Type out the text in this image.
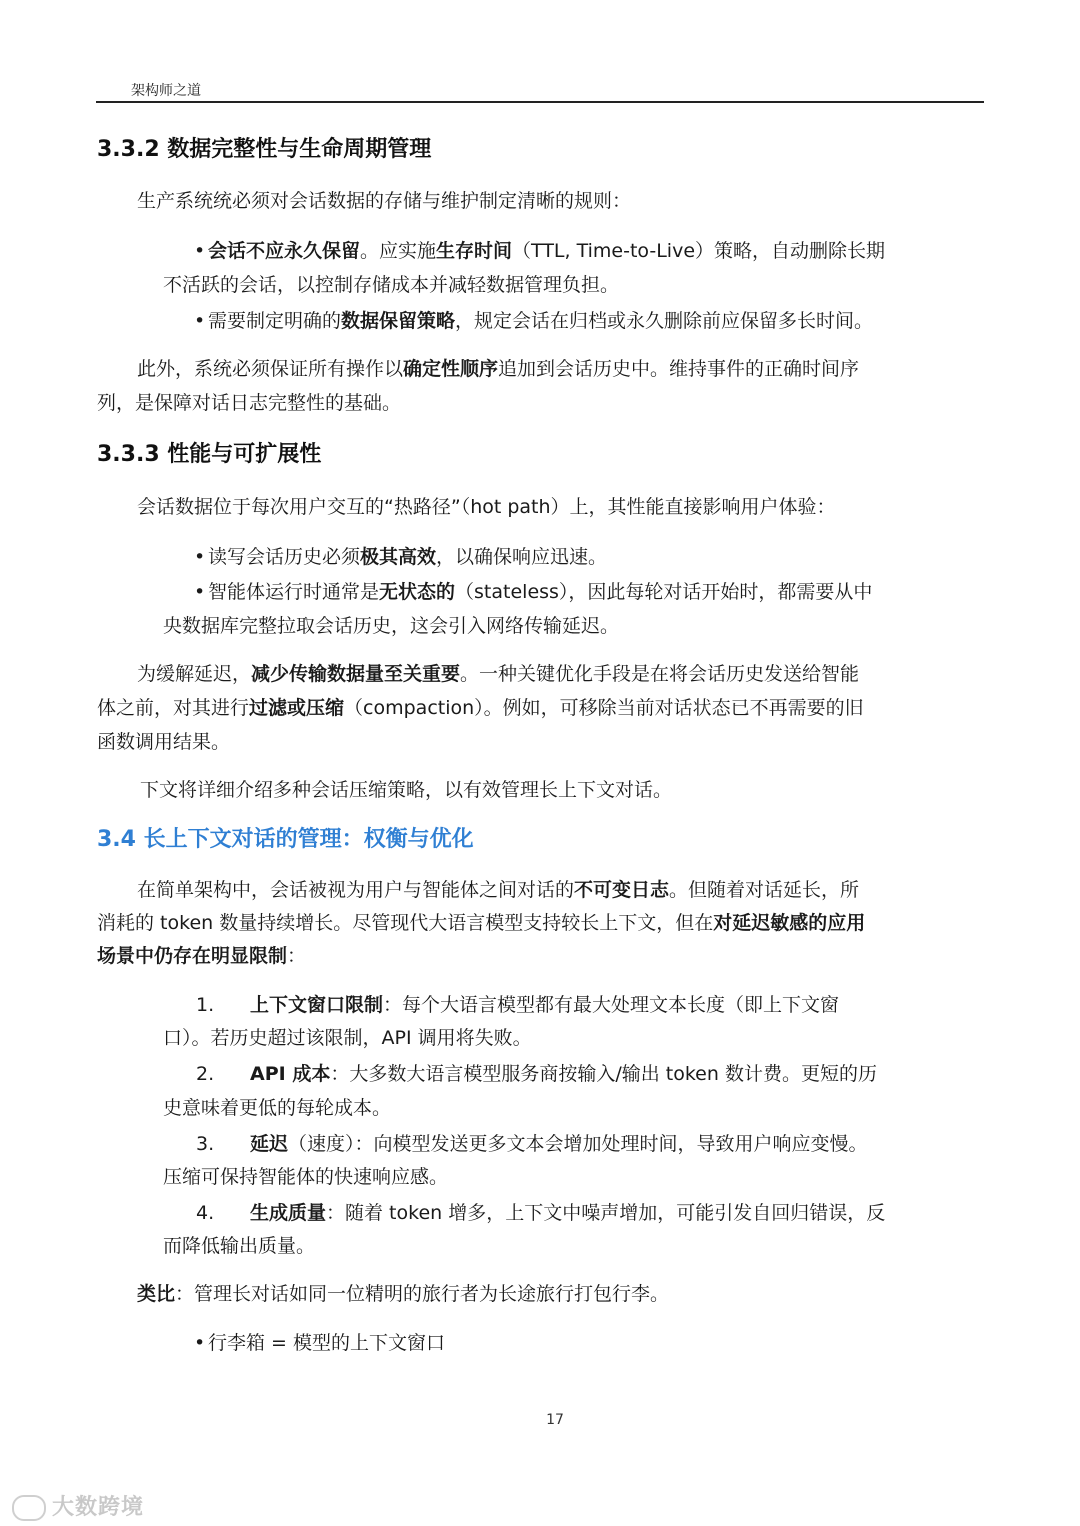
架构师之道
3.3.2 数据完整性与生命周期管理
生产系统统必须对会话数据的存储与维护制定清晰的规则：
• 会话不应永久保留。应实施生存时间（TTL, Time-to-Live）策略，自动删除长期
不活跃的会话，以控制存储成本并减轻数据管理负担。
• 需要制定明确的数据保留策略，规定会话在归档或永久删除前应保留多长时间。
此外，系统必须保证所有操作以确定性顺序追加到会话历史中。维持事件的正确时间序
列，是保障对话日志完整性的基础。
3.3.3 性能与可扩展性
会话数据位于每次用户交互的“热路径”（hot path）上，其性能直接影响用户体验：
• 读写会话历史必须极其高效，以确保响应迅速。
• 智能体运行时通常是无状态的（stateless），因此每轮对话开始时，都需要从中
央数据库完整拉取会话历史，这会引入网络传输延迟。
为缓解延迟，减少传输数据量至关重要。一种关键优化手段是在将会话历史发送给智能
体之前，对其进行过滤或压缩（compaction）。例如，可移除当前对话状态已不再需要的旧
函数调用结果。
下文将详细介绍多种会话压缩策略，以有效管理长上下文对话。
3.4 长上下文对话的管理：权衡与优化
在简单架构中，会话被视为用户与智能体之间对话的不可变日志。但随着对话延长，所
消耗的 token 数量持续增长。尽管现代大语言模型支持较长上下文，但在对延迟敏感的应用
场景中仍存在明显限制：
1. 上下文窗口限制：每个大语言模型都有最大处理文本长度（即上下文窗
口）。若历史超过该限制，API 调用将失败。
2. API 成本：大多数大语言模型服务商按输入/输出 token 数计费。更短的历
史意味着更低的每轮成本。
3. 延迟（速度）：向模型发送更多文本会增加处理时间，导致用户响应变慢。
压缩可保持智能体的快速响应感。
4. 生成质量：随着 token 增多，上下文中噪声增加，可能引发自回归错误，反
而降低输出质量。
类比：管理长对话如同一位精明的旅行者为长途旅行打包行李。
• 行李箱 = 模型的上下文窗口
17
大数跨境
